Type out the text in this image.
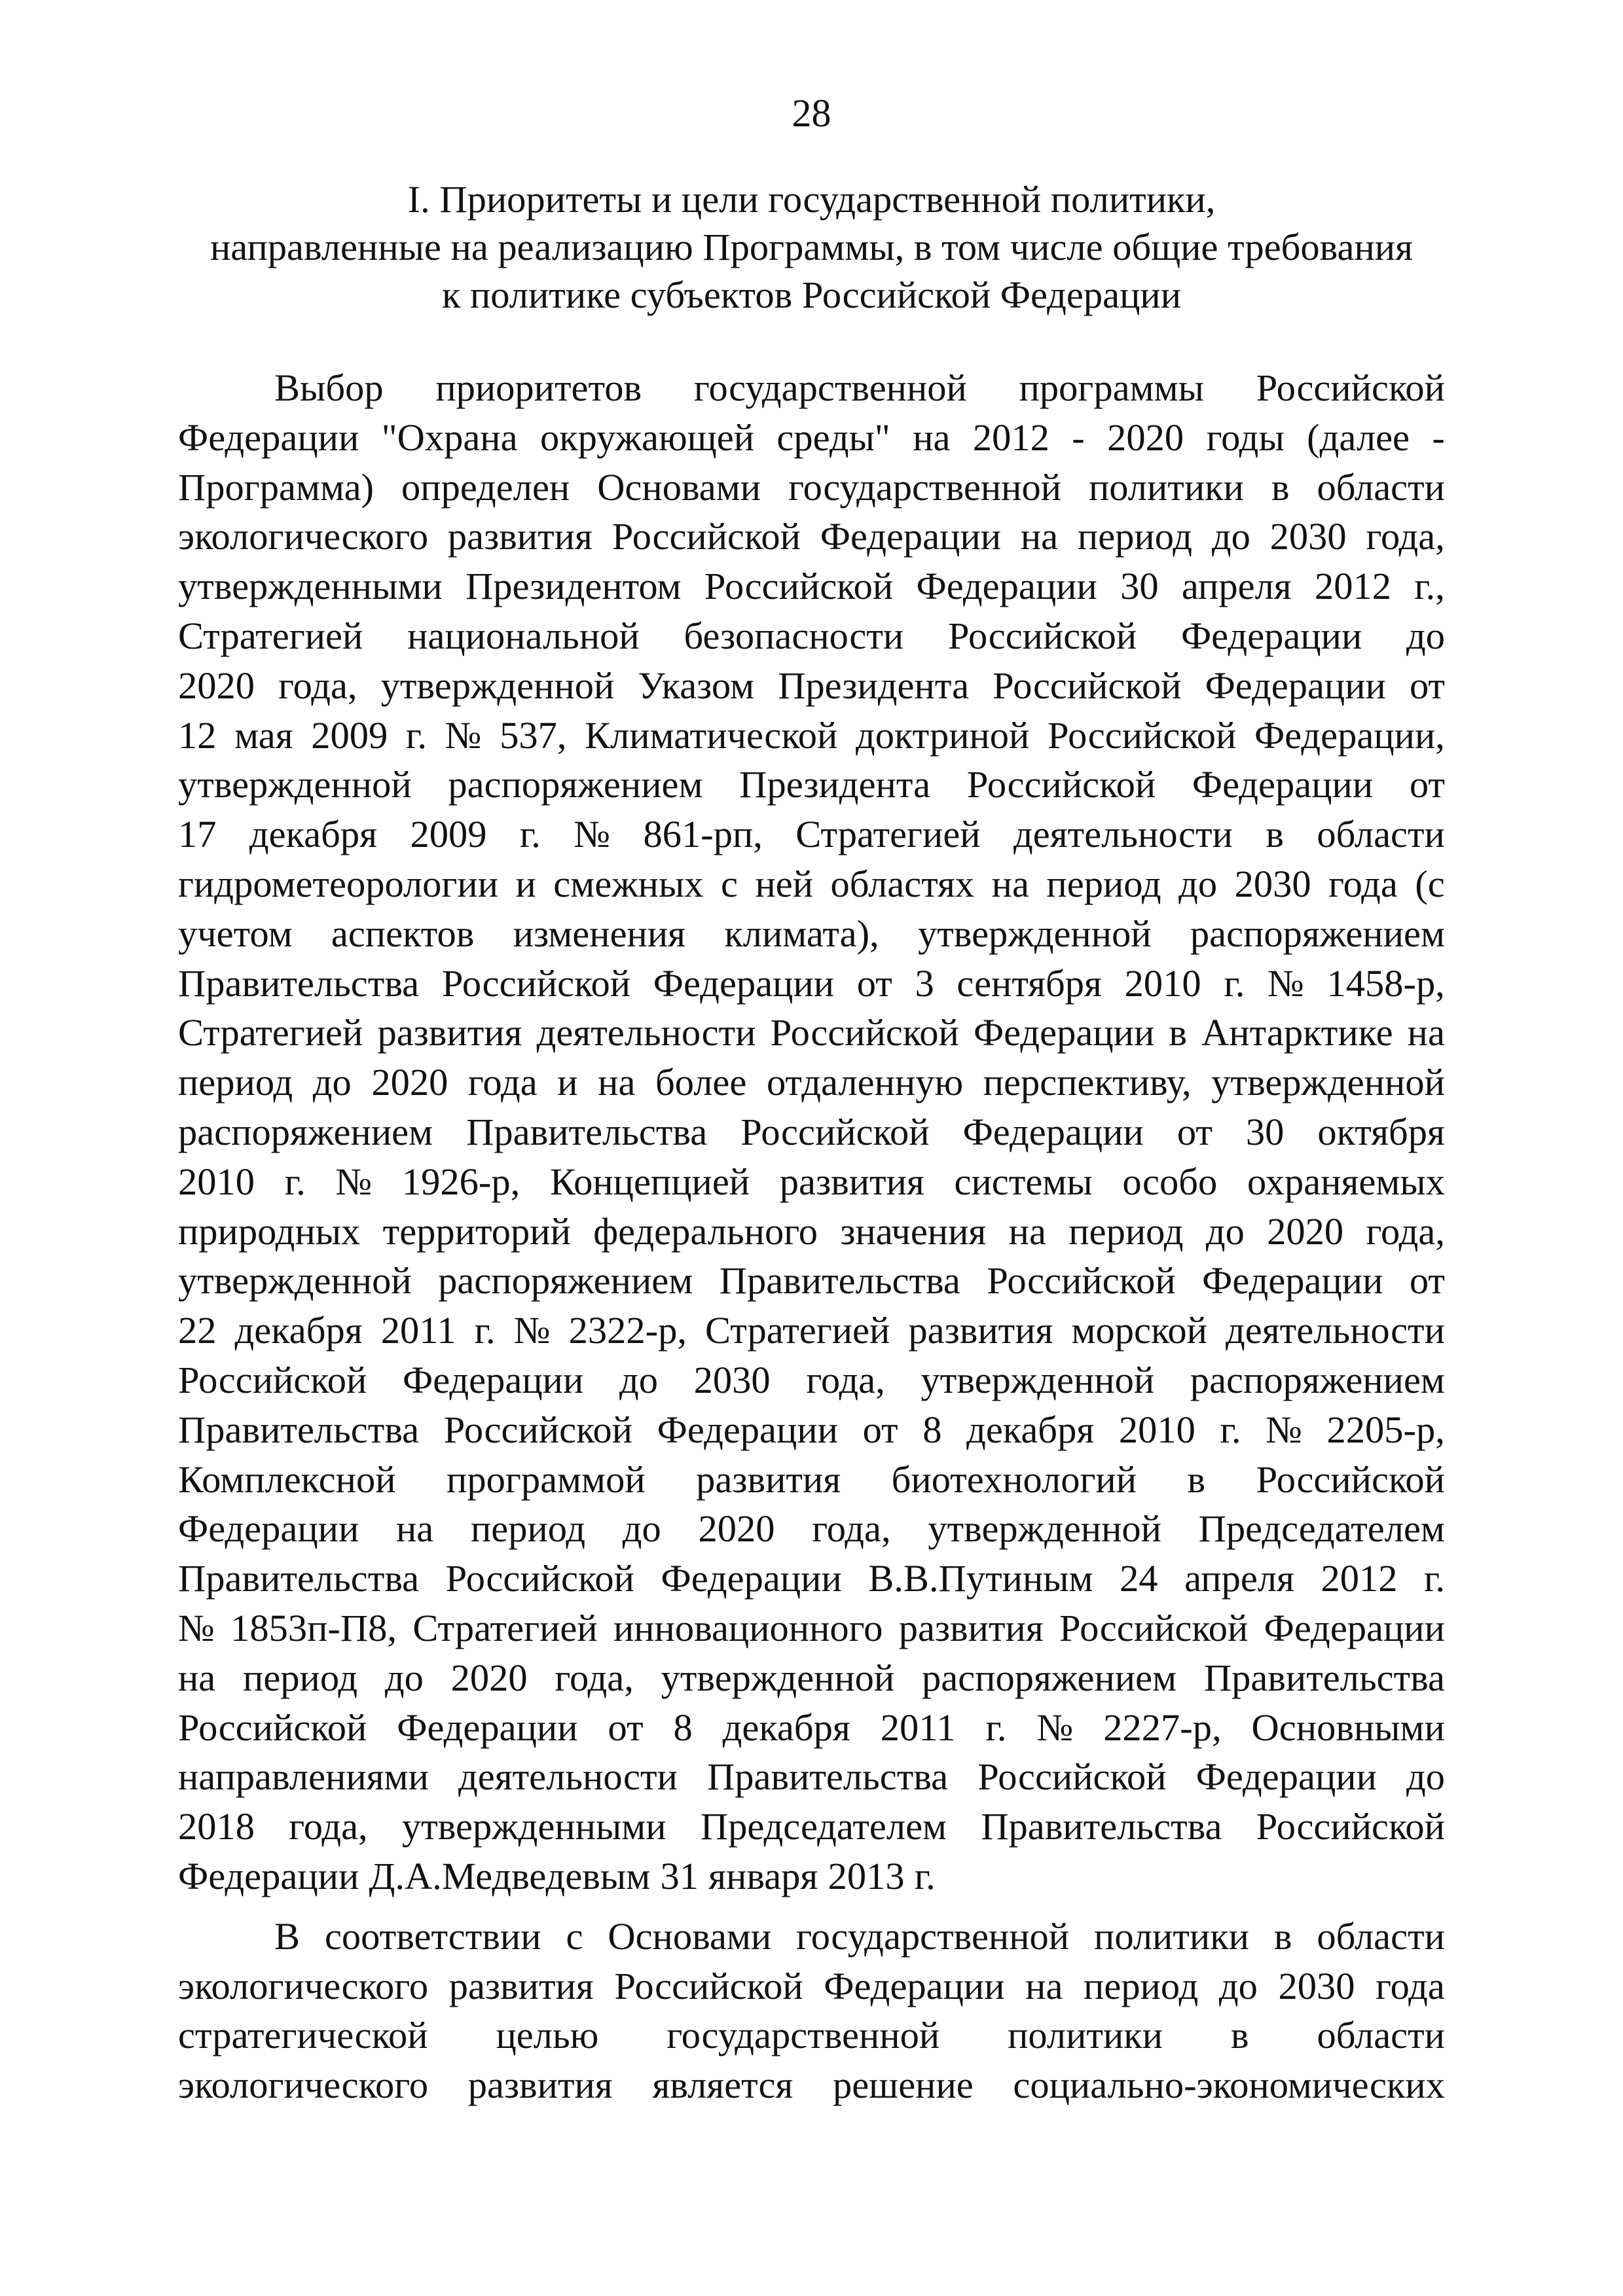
28
I. Приоритеты и цели государственной политики,
направленные на реализацию Программы, в том числе общие требования
к политике субъектов Российской Федерации
Выбор приоритетов государственной программы Российской
Федерации "Охрана окружающей среды" на 2012 - 2020 годы (далее -
Программа) определен Основами государственной политики в области
экологического развития Российской Федерации на период до 2030 года,
утвержденными Президентом Российской Федерации 30 апреля 2012 г.,
Стратегией национальной безопасности Российской Федерации до
2020 года, утвержденной Указом Президента Российской Федерации от
12 мая 2009 г. № 537, Климатической доктриной Российской Федерации,
утвержденной распоряжением Президента Российской Федерации от
17 декабря 2009 г. № 861-рп, Стратегией деятельности в области
гидрометеорологии и смежных с ней областях на период до 2030 года (с
учетом аспектов изменения климата), утвержденной распоряжением
Правительства Российской Федерации от 3 сентября 2010 г. № 1458-р,
Стратегией развития деятельности Российской Федерации в Антарктике на
период до 2020 года и на более отдаленную перспективу, утвержденной
распоряжением Правительства Российской Федерации от 30 октября
2010 г. № 1926-р, Концепцией развития системы особо охраняемых
природных территорий федерального значения на период до 2020 года,
утвержденной распоряжением Правительства Российской Федерации от
22 декабря 2011 г. № 2322-р, Стратегией развития морской деятельности
Российской Федерации до 2030 года, утвержденной распоряжением
Правительства Российской Федерации от 8 декабря 2010 г. № 2205-р,
Комплексной программой развития биотехнологий в Российской
Федерации на период до 2020 года, утвержденной Председателем
Правительства Российской Федерации В.В.Путиным 24 апреля 2012 г.
№ 1853п-П8, Стратегией инновационного развития Российской Федерации
на период до 2020 года, утвержденной распоряжением Правительства
Российской Федерации от 8 декабря 2011 г. № 2227-р, Основными
направлениями деятельности Правительства Российской Федерации до
2018 года, утвержденными Председателем Правительства Российской
Федерации Д.А.Медведевым 31 января 2013 г.
В соответствии с Основами государственной политики в области
экологического развития Российской Федерации на период до 2030 года
стратегической целью государственной политики в области
экологического развития является решение социально-экономических
